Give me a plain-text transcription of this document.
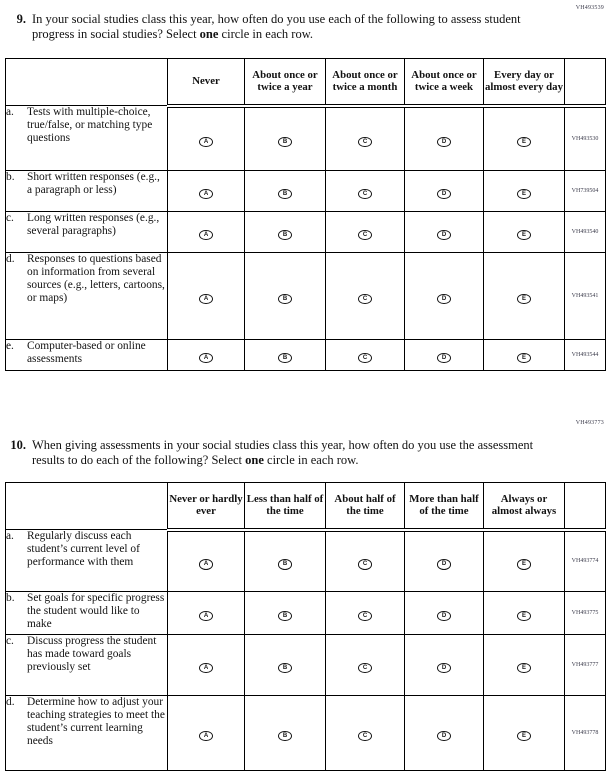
VH493539
9. In your social studies class this year, how often do you use each of the following to assess student progress in social studies? Select one circle in each row.

	Never	About once or twice a year	About once or twice a month	About once or twice a week	Every day or almost every day	

a. Tests with multiple-choice, true/false, or matching type questions	A	B	C	D	E	VH493530

b. Short written responses (e.g., a paragraph or less)	A	B	C	D	E	VH739504

c. Long written responses (e.g., several paragraphs)	A	B	C	D	E	VH493540

d. Responses to questions based on information from several sources (e.g., letters, cartoons, or maps)	A	B	C	D	E	VH493541

e. Computer-based or online assessments	A	B	C	D	E	VH493544
VH493773
10. When giving assessments in your social studies class this year, how often do you use the assessment results to do each of the following? Select one circle in each row.

	Never or hardly ever	Less than half of the time	About half of the time	More than half of the time	Always or almost always	

a. Regularly discuss each student’s current level of performance with them	A	B	C	D	E	VH493774

b. Set goals for specific progress the student would like to make	A	B	C	D	E	VH493775

c. Discuss progress the student has made toward goals previously set	A	B	C	D	E	VH493777

d. Determine how to adjust your teaching strategies to meet the student’s current learning needs	A	B	C	D	E	VH493778
